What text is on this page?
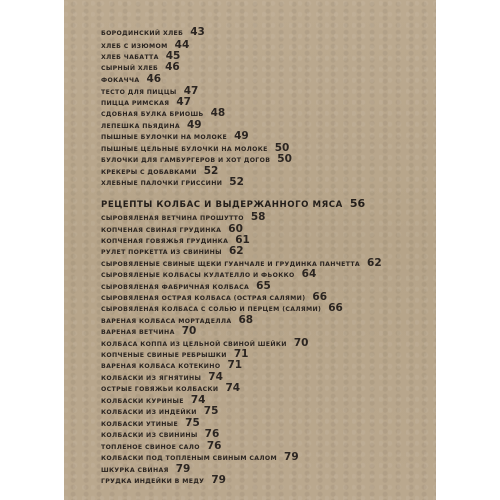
БОРОДИНСКИЙ ХЛЕБ 43
ХЛЕБ С ИЗЮМОМ 44
ХЛЕБ ЧАБАТТА 45
СЫРНЫЙ ХЛЕБ 46
ФОКАЧЧА 46
ТЕСТО ДЛЯ ПИЦЦЫ 47
ПИЦЦА РИМСКАЯ 47
СДОБНАЯ БУЛКА БРИОШЬ 48
ЛЕПЕШКА ПЬЯДИНА 49
ПЫШНЫЕ БУЛОЧКИ НА МОЛОКЕ 49
ПЫШНЫЕ ЦЕЛЬНЫЕ БУЛОЧКИ НА МОЛОКЕ 50
БУЛОЧКИ ДЛЯ ГАМБУРГЕРОВ И ХОТ ДОГОВ 50
КРЕКЕРЫ С ДОБАВКАМИ 52
ХЛЕБНЫЕ ПАЛОЧКИ ГРИССИНИ 52
РЕЦЕПТЫ КОЛБАС И ВЫДЕРЖАННОГО МЯСА 56
СЫРОВЯЛЕНАЯ ВЕТЧИНА ПРОШУТТО 58
КОПЧЕНАЯ СВИНАЯ ГРУДИНКА 60
КОПЧЕНАЯ ГОВЯЖЬЯ ГРУДИНКА 61
РУЛЕТ ПОРKETTA ИЗ СВИНИНЫ 62
СЫРОВЯЛЕНЫЕ СВИНЫЕ ЩЕКИ ГУАНЧАЛЕ И ГРУДИНКА ПАНЧЕТТА 62
СЫРОВЯЛЕНЫЕ КОЛБАСЫ КУЛАТЕЛЛО И ФЬОККО 64
СЫРОВЯЛЕНАЯ ФАБРИЧНАЯ КОЛБАСА 65
СЫРОВЯЛЕНАЯ ОСТРАЯ КОЛБАСА (ОСТРАЯ САЛЯМИ) 66
СЫРОВЯЛЕНАЯ КОЛБАСА С СОЛЬЮ И ПЕРЦЕМ (САЛЯМИ) 66
ВАРЕНАЯ КОЛБАСА МОРТАДЕЛЛА 68
ВАРЕНАЯ ВЕТЧИНА 70
КОЛБАСА КОППА ИЗ ЦЕЛЬНОЙ СВИНОЙ ШЕЙКИ 70
КОПЧЕНЫЕ СВИНЫЕ РЕБРЫШКИ 71
ВАРЕНАЯ КОЛБАСА КОТЕКИНО 71
КОЛБАСКИ ИЗ ЯГНЯТИНЫ 74
ОСТРЫЕ ГОВЯЖЬИ КОЛБАСКИ 74
КОЛБАСКИ КУРИНЫЕ 74
КОЛБАСКИ ИЗ ИНДЕЙКИ 75
КОЛБАСКИ УТИНЫЕ 75
КОЛБАСКИ ИЗ СВИНИНЫ 76
ТОПЛЕНОЕ СВИНОЕ САЛО 76
КОЛБАСКИ ПОД ТОПЛЕНЫМ СВИНЫМ САЛОМ 79
ШКУРКА СВИНАЯ 79
ГРУДКА ИНДЕЙКИ В МЕДУ 79
